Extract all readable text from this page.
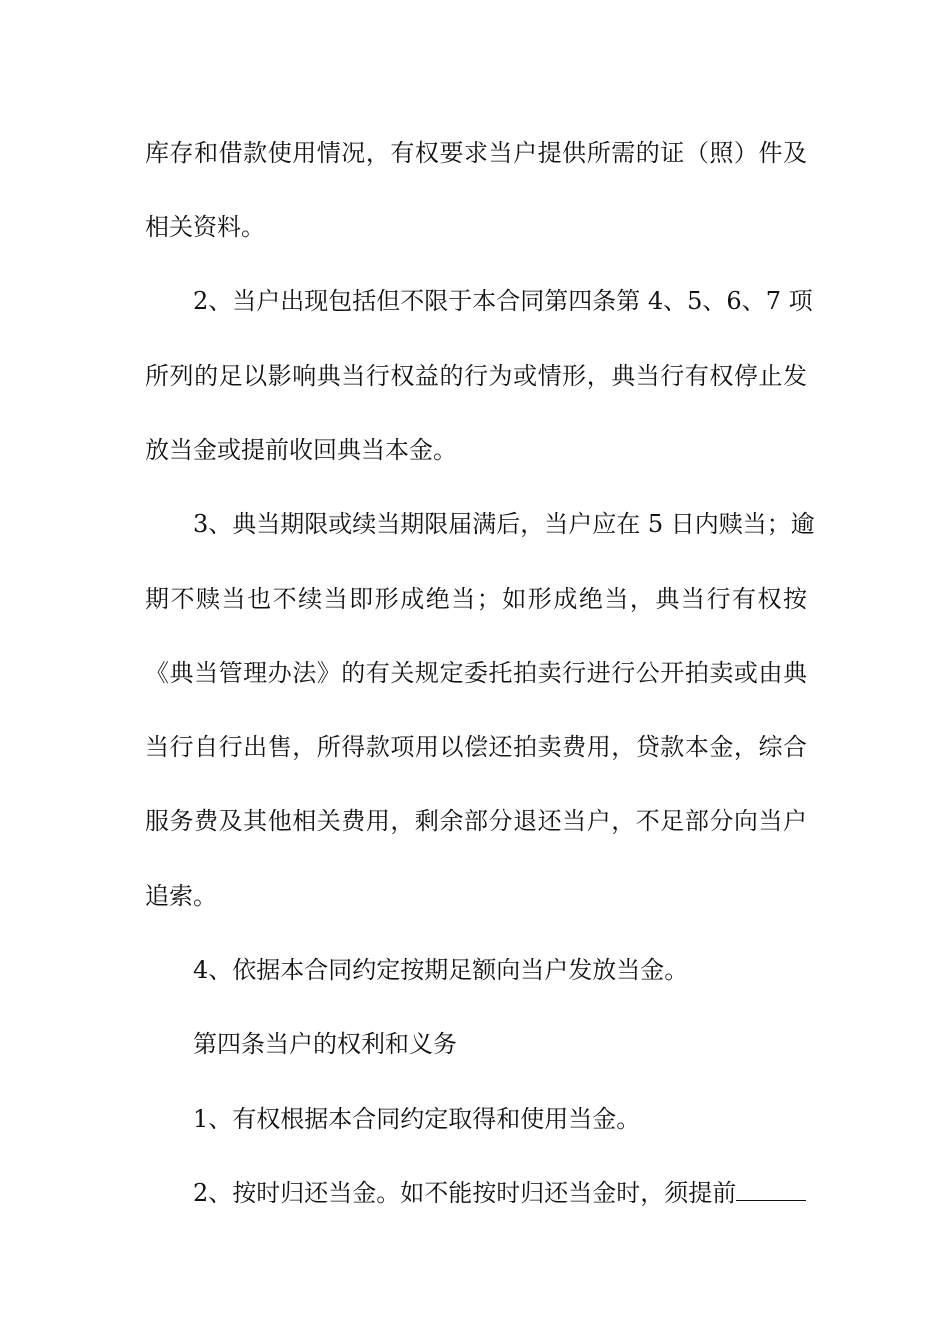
库存和借款使用情况，有权要求当户提供所需的证（照）件及
相关资料。
2、当户出现包括但不限于本合同第四条第 4、5、6、7 项
所列的足以影响典当行权益的行为或情形，典当行有权停止发
放当金或提前收回典当本金。
3、典当期限或续当期限届满后，当户应在 5 日内赎当；逾
期不赎当也不续当即形成绝当；如形成绝当，典当行有权按
《典当管理办法》的有关规定委托拍卖行进行公开拍卖或由典
当行自行出售，所得款项用以偿还拍卖费用，贷款本金，综合
服务费及其他相关费用，剩余部分退还当户，不足部分向当户
追索。
4、依据本合同约定按期足额向当户发放当金。
第四条当户的权利和义务
1、有权根据本合同约定取得和使用当金。
2、按时归还当金。如不能按时归还当金时，须提前
